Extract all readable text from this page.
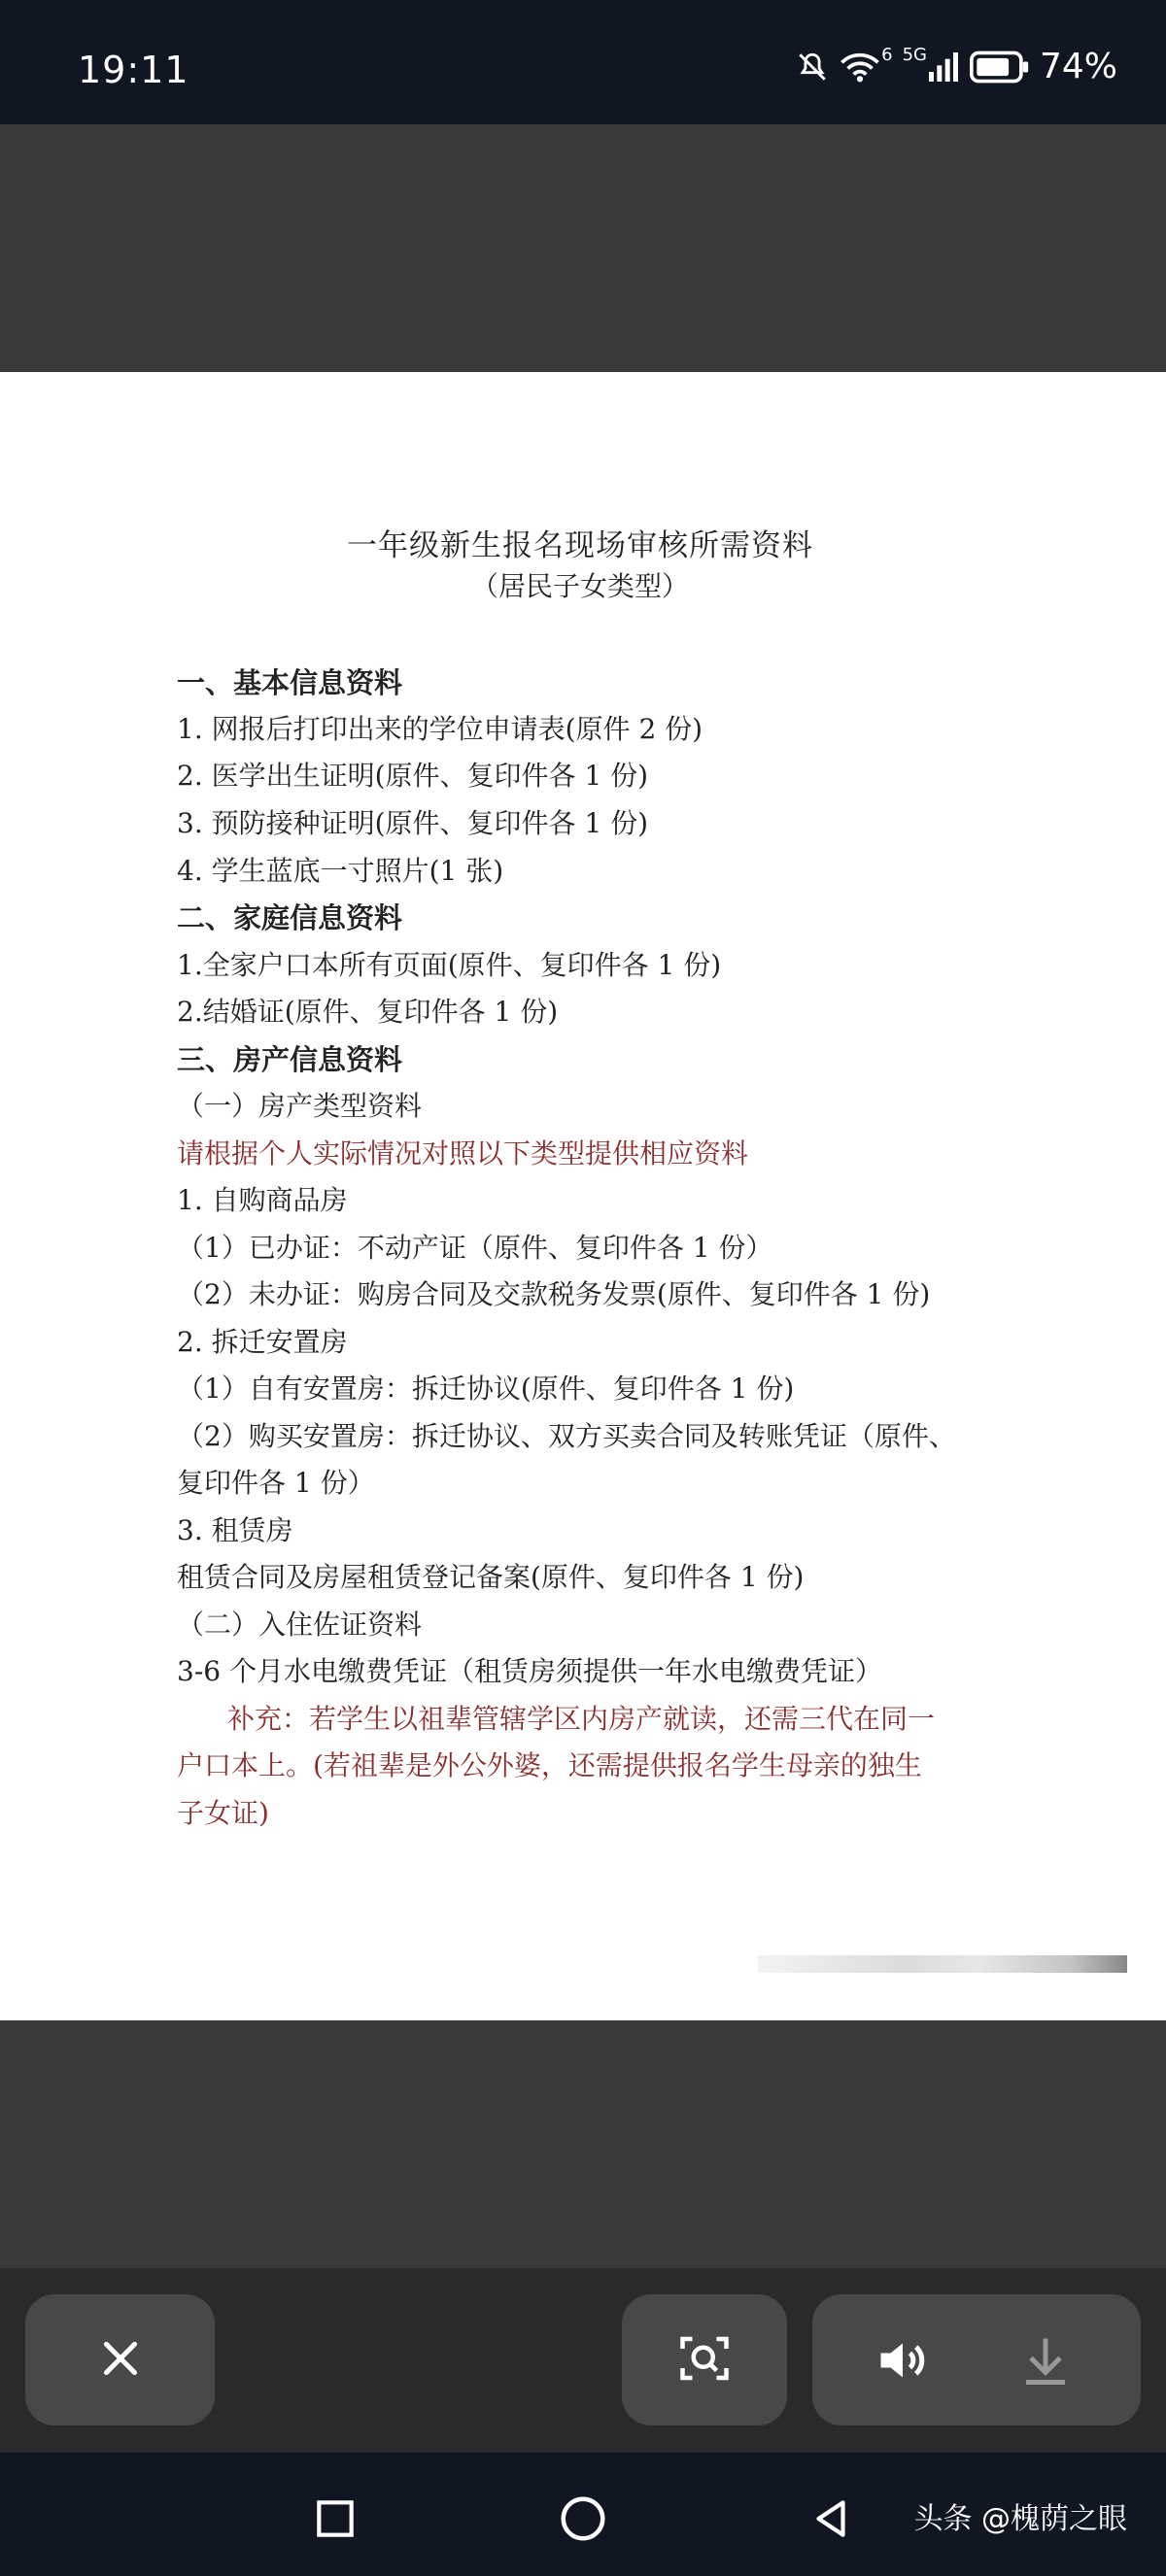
19:11	6 5G	74%
一年级新生报名现场审核所需资料
（居民子女类型）
一、基本信息资料
1. 网报后打印出来的学位申请表(原件 2 份)
2. 医学出生证明(原件、复印件各 1 份)
3. 预防接种证明(原件、复印件各 1 份)
4. 学生蓝底一寸照片(1 张)
二、家庭信息资料
1.全家户口本所有页面(原件、复印件各 1 份)
2.结婚证(原件、复印件各 1 份)
三、房产信息资料
（一）房产类型资料
请根据个人实际情况对照以下类型提供相应资料
1. 自购商品房
（1）已办证：不动产证（原件、复印件各 1 份）
（2）未办证：购房合同及交款税务发票(原件、复印件各 1 份)
2. 拆迁安置房
（1）自有安置房：拆迁协议(原件、复印件各 1 份)
（2）购买安置房：拆迁协议、双方买卖合同及转账凭证（原件、
复印件各 1 份）
3. 租赁房
租赁合同及房屋租赁登记备案(原件、复印件各 1 份)
（二）入住佐证资料
3-6 个月水电缴费凭证（租赁房须提供一年水电缴费凭证）
补充：若学生以祖辈管辖学区内房产就读，还需三代在同一
户口本上。(若祖辈是外公外婆，还需提供报名学生母亲的独生
子女证)
头条 @槐荫之眼
